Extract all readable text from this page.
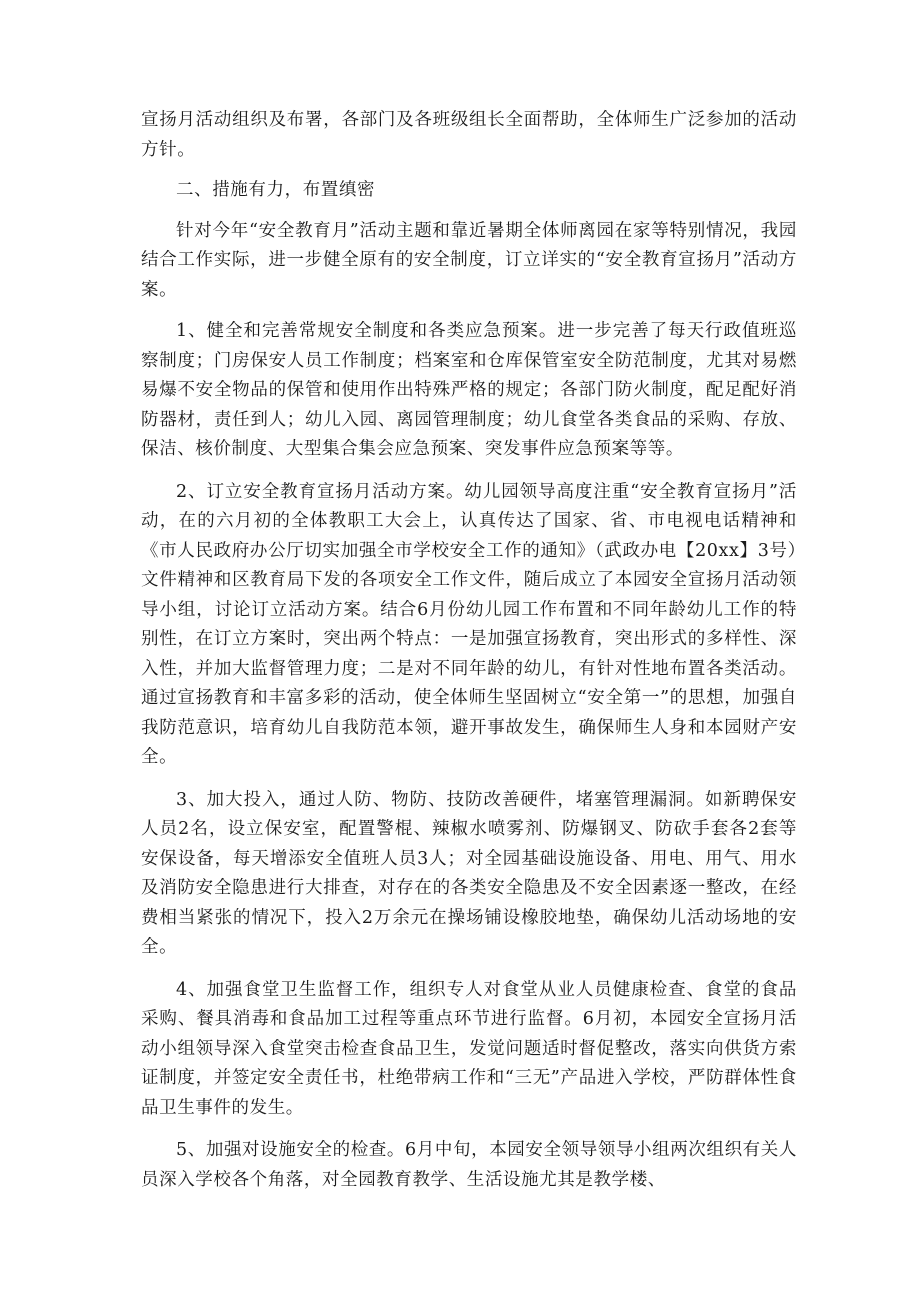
宣扬月活动组织及布署，各部门及各班级组长全面帮助，全体师生广泛参加的活动方针。

二、措施有力，布置缜密

针对今年“安全教育月”活动主题和靠近暑期全体师离园在家等特别情况，我园结合工作实际，进一步健全原有的安全制度，订立详实的“安全教育宣扬月”活动方案。

1、健全和完善常规安全制度和各类应急预案。进一步完善了每天行政值班巡察制度；门房保安人员工作制度；档案室和仓库保管室安全防范制度，尤其对易燃易爆不安全物品的保管和使用作出特殊严格的规定；各部门防火制度，配足配好消防器材，责任到人；幼儿入园、离园管理制度；幼儿食堂各类食品的采购、存放、保洁、核价制度、大型集合集会应急预案、突发事件应急预案等等。

2、订立安全教育宣扬月活动方案。幼儿园领导高度注重“安全教育宣扬月”活动，在的六月初的全体教职工大会上，认真传达了国家、省、市电视电话精神和《市人民政府办公厅切实加强全市学校安全工作的通知》（武政办电【20xx】3号）文件精神和区教育局下发的各项安全工作文件，随后成立了本园安全宣扬月活动领导小组，讨论订立活动方案。结合6月份幼儿园工作布置和不同年龄幼儿工作的特别性，在订立方案时，突出两个特点：一是加强宣扬教育，突出形式的多样性、深入性，并加大监督管理力度；二是对不同年龄的幼儿，有针对性地布置各类活动。通过宣扬教育和丰富多彩的活动，使全体师生坚固树立“安全第一”的思想，加强自我防范意识，培育幼儿自我防范本领，避开事故发生，确保师生人身和本园财产安全。

3、加大投入，通过人防、物防、技防改善硬件，堵塞管理漏洞。如新聘保安人员2名，设立保安室，配置警棍、辣椒水喷雾剂、防爆钢叉、防砍手套各2套等安保设备，每天增添安全值班人员3人；对全园基础设施设备、用电、用气、用水及消防安全隐患进行大排查，对存在的各类安全隐患及不安全因素逐一整改，在经费相当紧张的情况下，投入2万余元在操场铺设橡胶地垫，确保幼儿活动场地的安全。

4、加强食堂卫生监督工作，组织专人对食堂从业人员健康检查、食堂的食品采购、餐具消毒和食品加工过程等重点环节进行监督。6月初，本园安全宣扬月活动小组领导深入食堂突击检查食品卫生，发觉问题适时督促整改，落实向供货方索证制度，并签定安全责任书，杜绝带病工作和“三无”产品进入学校，严防群体性食品卫生事件的发生。

5、加强对设施安全的检查。6月中旬，本园安全领导领导小组两次组织有关人员深入学校各个角落，对全园教育教学、生活设施尤其是教学楼、
